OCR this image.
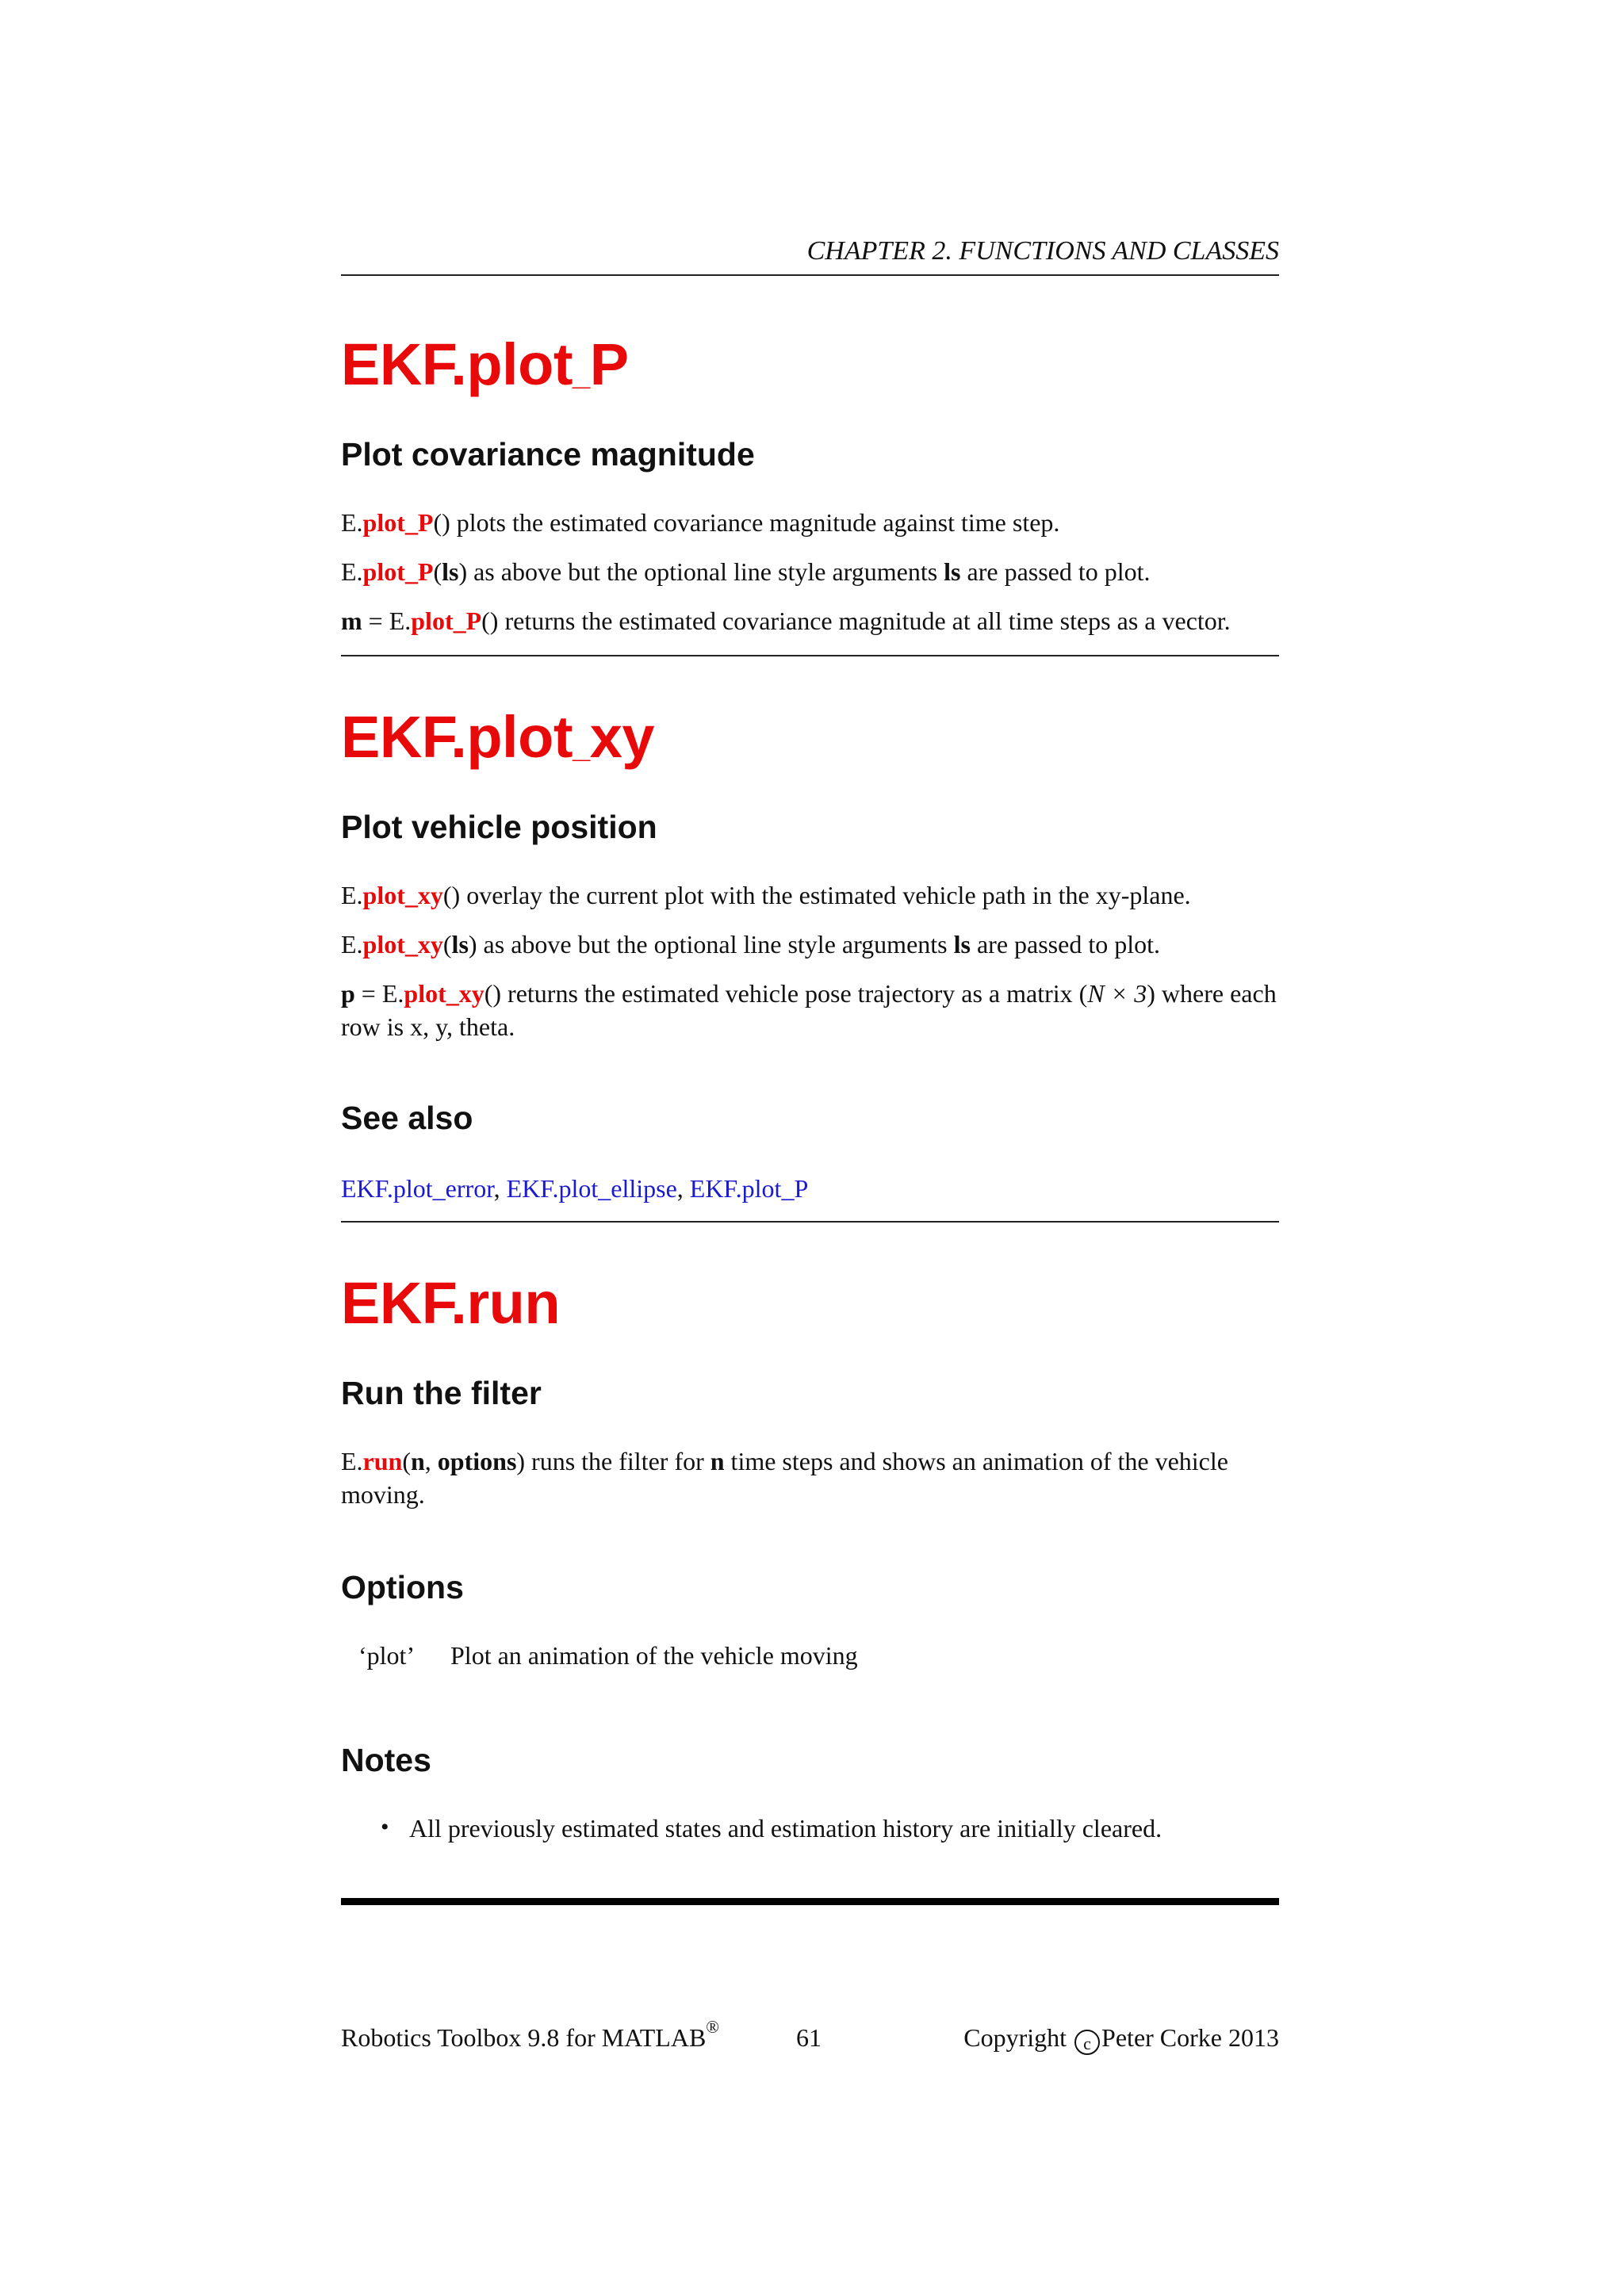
CHAPTER 2. FUNCTIONS AND CLASSES
EKF.plot_P
Plot covariance magnitude

E.plot_P() plots the estimated covariance magnitude against time step.

E.plot_P(ls) as above but the optional line style arguments ls are passed to plot.

m = E.plot_P() returns the estimated covariance magnitude at all time steps as a vector.

EKF.plot_xy
Plot vehicle position

E.plot_xy() overlay the current plot with the estimated vehicle path in the xy-plane.

E.plot_xy(ls) as above but the optional line style arguments ls are passed to plot.

p = E.plot_xy() returns the estimated vehicle pose trajectory as a matrix (N × 3) where each row is x, y, theta.

See also

EKF.plot_error, EKF.plot_ellipse, EKF.plot_P

EKF.run
Run the filter

E.run(n, options) runs the filter for n time steps and shows an animation of the vehicle moving.

Options
‘plot’ Plot an animation of the vehicle moving
Notes
• All previously estimated states and estimation history are initially cleared.
Robotics Toolbox 9.8 for MATLAB®	61	Copyright c Peter Corke 2013
